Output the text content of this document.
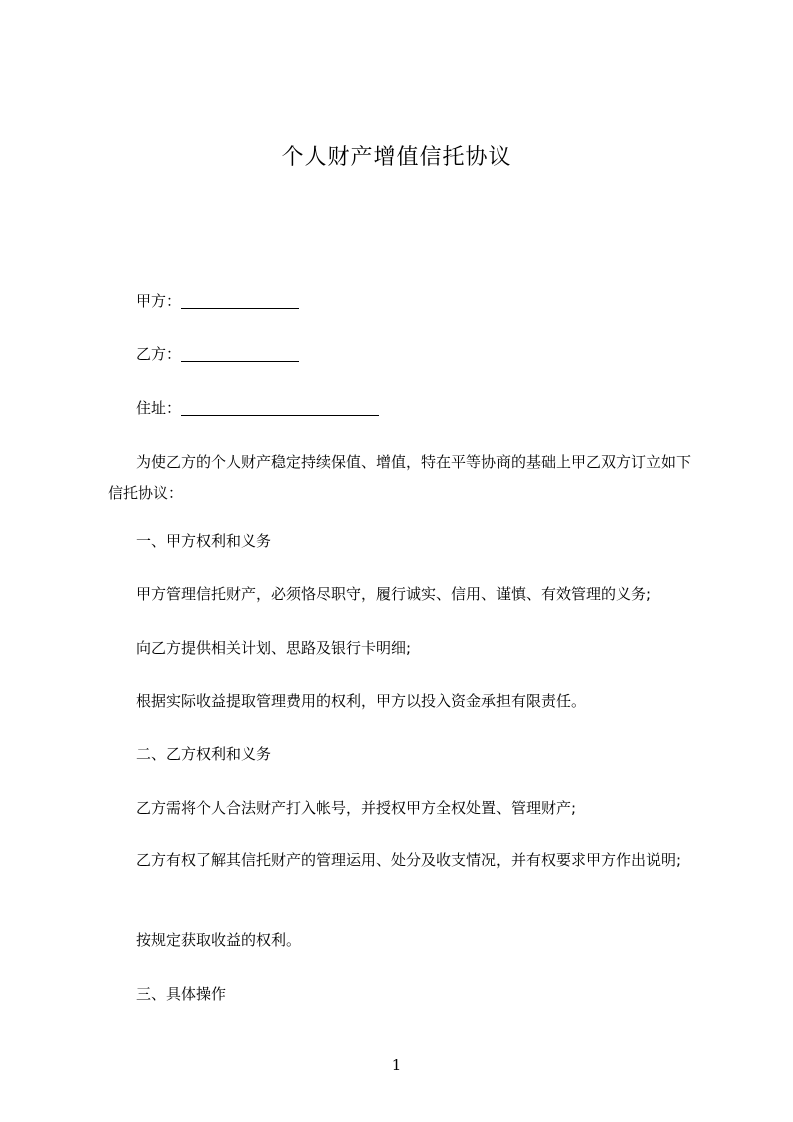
个人财产增值信托协议
甲方：
乙方：
住址：
为使乙方的个人财产稳定持续保值、增值，特在平等协商的基础上甲乙双方订立如下信托协议：
一、甲方权利和义务
甲方管理信托财产，必须恪尽职守，履行诚实、信用、谨慎、有效管理的义务;
向乙方提供相关计划、思路及银行卡明细;
根据实际收益提取管理费用的权利，甲方以投入资金承担有限责任。
二、乙方权利和义务
乙方需将个人合法财产打入帐号，并授权甲方全权处置、管理财产;
乙方有权了解其信托财产的管理运用、处分及收支情况，并有权要求甲方作出说明;
按规定获取收益的权利。
三、具体操作
1
